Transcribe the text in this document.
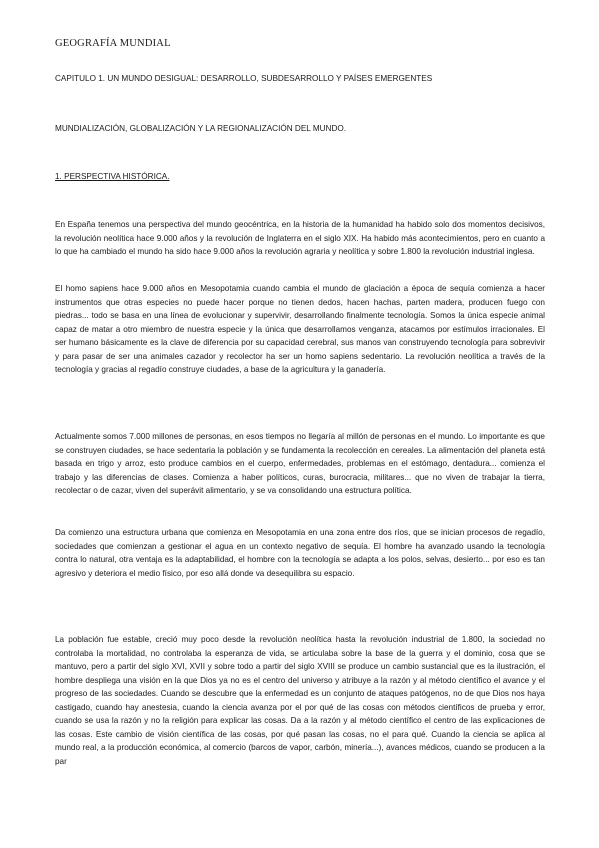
GEOGRAFÍA MUNDIAL
CAPITULO 1. UN MUNDO DESIGUAL: DESARROLLO, SUBDESARROLLO Y PAÍSES EMERGENTES
MUNDIALIZACIÓN, GLOBALIZACIÓN Y LA REGIONALIZACIÓN DEL MUNDO.
1. PERSPECTIVA HISTÓRICA.

En España tenemos una perspectiva del mundo geocéntrica, en la historia de la humanidad ha habido solo dos momentos decisivos, la revolución neolítica hace 9.000 años y la revolución de Inglaterra en el siglo XIX. Ha habido más acontecimientos, pero en cuanto a lo que ha cambiado el mundo ha sido hace 9.000 años la revolución agraria y neolítica y sobre 1.800 la revolución industrial inglesa.

El homo sapiens hace 9.000 años en Mesopotamia cuando cambia el mundo de glaciación a época de sequía comienza a hacer instrumentos que otras especies no puede hacer porque no tienen dedos, hacen hachas, parten madera, producen fuego con piedras... todo se basa en una línea de evolucionar y supervivir, desarrollando finalmente tecnología. Somos la única especie animal capaz de matar a otro miembro de nuestra especie y la única que desarrollamos venganza, atacamos por estímulos irracionales. El ser humano básicamente es la clave de diferencia por su capacidad cerebral, sus manos van construyendo tecnología para sobrevivir y para pasar de ser una animales cazador y recolector ha ser un homo sapiens sedentario. La revolución neolítica a través de la tecnología y gracias al regadío construye ciudades, a base de la agricultura y la ganadería.

Actualmente somos 7.000 millones de personas, en esos tiempos no llegaría al millón de personas en el mundo. Lo importante es que se construyen ciudades, se hace sedentaria la población y se fundamenta la recolección en cereales. La alimentación del planeta está basada en trigo y arroz, esto produce cambios en el cuerpo, enfermedades, problemas en el estómago, dentadura... comienza el trabajo y las diferencias de clases. Comienza a haber políticos, curas, burocracia, militares... que no viven de trabajar la tierra, recolectar o de cazar, viven del superávit alimentario, y se va consolidando una estructura política.

Da comienzo una estructura urbana que comienza en Mesopotamia en una zona entre dos ríos, que se inician procesos de regadío, sociedades que comienzan a gestionar el agua en un contexto negativo de sequía. El hombre ha avanzado usando la tecnología contra lo natural, otra ventaja es la adaptabilidad, el hombre con la tecnología se adapta a los polos, selvas, desierto... por eso es tan agresivo y deteriora el medio físico, por eso allá donde va desequilibra su espacio.

La población fue estable, creció muy poco desde la revolución neolítica hasta la revolución industrial de 1.800, la sociedad no controlaba la mortalidad, no controlaba la esperanza de vida, se articulaba sobre la base de la guerra y el dominio, cosa que se mantuvo, pero a partir del siglo XVI, XVII y sobre todo a partir del siglo XVIII se produce un cambio sustancial que es la ilustración, el hombre despliega una visión en la que Dios ya no es el centro del universo y atribuye a la razón y al método científico el avance y el progreso de las sociedades. Cuando se descubre que la enfermedad es un conjunto de ataques patógenos, no de que Dios nos haya castigado, cuando hay anestesia, cuando la ciencia avanza por el por qué de las cosas con métodos científicos de prueba y error, cuando se usa la razón y no la religión para explicar las cosas. Da a la razón y al método científico el centro de las explicaciones de las cosas. Este cambio de visión científica de las cosas, por qué pasan las cosas, no el para qué. Cuando la ciencia se aplica al mundo real, a la producción económica, al comercio (barcos de vapor, carbón, minería...), avances médicos, cuando se producen a la par
